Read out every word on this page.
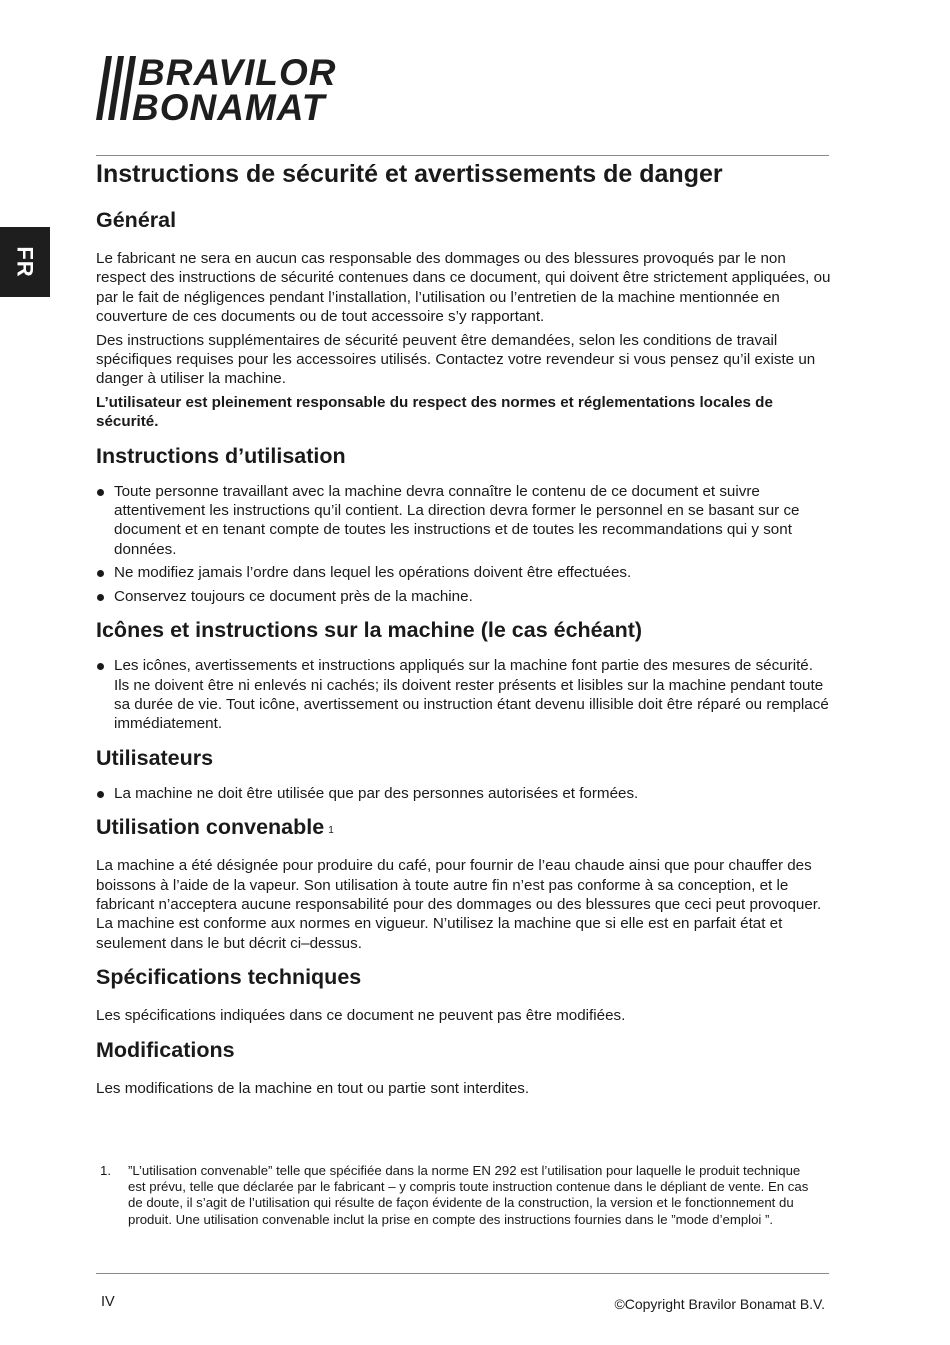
BRAVILOR
BONAMAT
FR
Instructions de sécurité et avertissements de danger
Général

Le fabricant ne sera en aucun cas responsable des dommages ou des blessures provoqués par le non respect des instructions de sécurité contenues dans ce document, qui doivent être strictement appliquées, ou par le fait de négligences pendant l’installation, l’utilisation ou l’entretien de la machine mentionnée en couverture de ces documents ou de tout accessoire s’y rapportant.

Des instructions supplémentaires de sécurité peuvent être demandées, selon les conditions de travail spécifiques requises pour les accessoires utilisés. Contactez votre revendeur si vous pensez qu’il existe un danger à utiliser la machine.

L’utilisateur est pleinement responsable du respect des normes et réglementations locales de sécurité.

Instructions d’utilisation
Toute personne travaillant avec la machine devra connaître le contenu de ce document et suivre attentivement les instructions qu’il contient. La direction devra former le personnel en se basant sur ce document et en tenant compte de toutes les instructions et de toutes les recommandations qui y sont données.
Ne modifiez jamais l’ordre dans lequel les opérations doivent être effectuées.
Conservez toujours ce document près de la machine.
Icônes et instructions sur la machine (le cas échéant)
Les icônes, avertissements et instructions appliqués sur la machine font partie des mesures de sécurité. Ils ne doivent être ni enlevés ni cachés; ils doivent rester présents et lisibles sur la machine pendant toute sa durée de vie. Tout icône, avertissement ou instruction étant devenu illisible doit être réparé ou remplacé immédiatement.
Utilisateurs
La machine ne doit être utilisée que par des personnes autorisées et formées.
Utilisation convenable $^1$

La machine a été désignée pour produire du café, pour fournir de l’eau chaude ainsi que pour chauffer des boissons à l’aide de la vapeur. Son utilisation à toute autre fin n’est pas conforme à sa conception, et le fabricant n’acceptera aucune responsabilité pour des dommages ou des blessures que ceci peut provoquer. La machine est conforme aux normes en vigueur. N’utilisez la machine que si elle est en parfait état et seulement dans le but décrit ci–dessus.

Spécifications techniques

Les spécifications indiquées dans ce document ne peuvent pas être modifiées.

Modifications

Les modifications de la machine en tout ou partie sont interdites.

1.	”L’utilisation convenable” telle que spécifiée dans la norme EN 292 est l’utilisation pour laquelle le produit technique est prévu, telle que déclarée par le fabricant – y compris toute instruction contenue dans le dépliant de vente. En cas de doute, il s’agit de l’utilisation qui résulte de façon évidente de la construction, la version et le fonctionnement du produit. Une utilisation convenable inclut la prise en compte des instructions fournies dans le ”mode d’emploi ”.
IV	©Copyright Bravilor Bonamat B.V.
